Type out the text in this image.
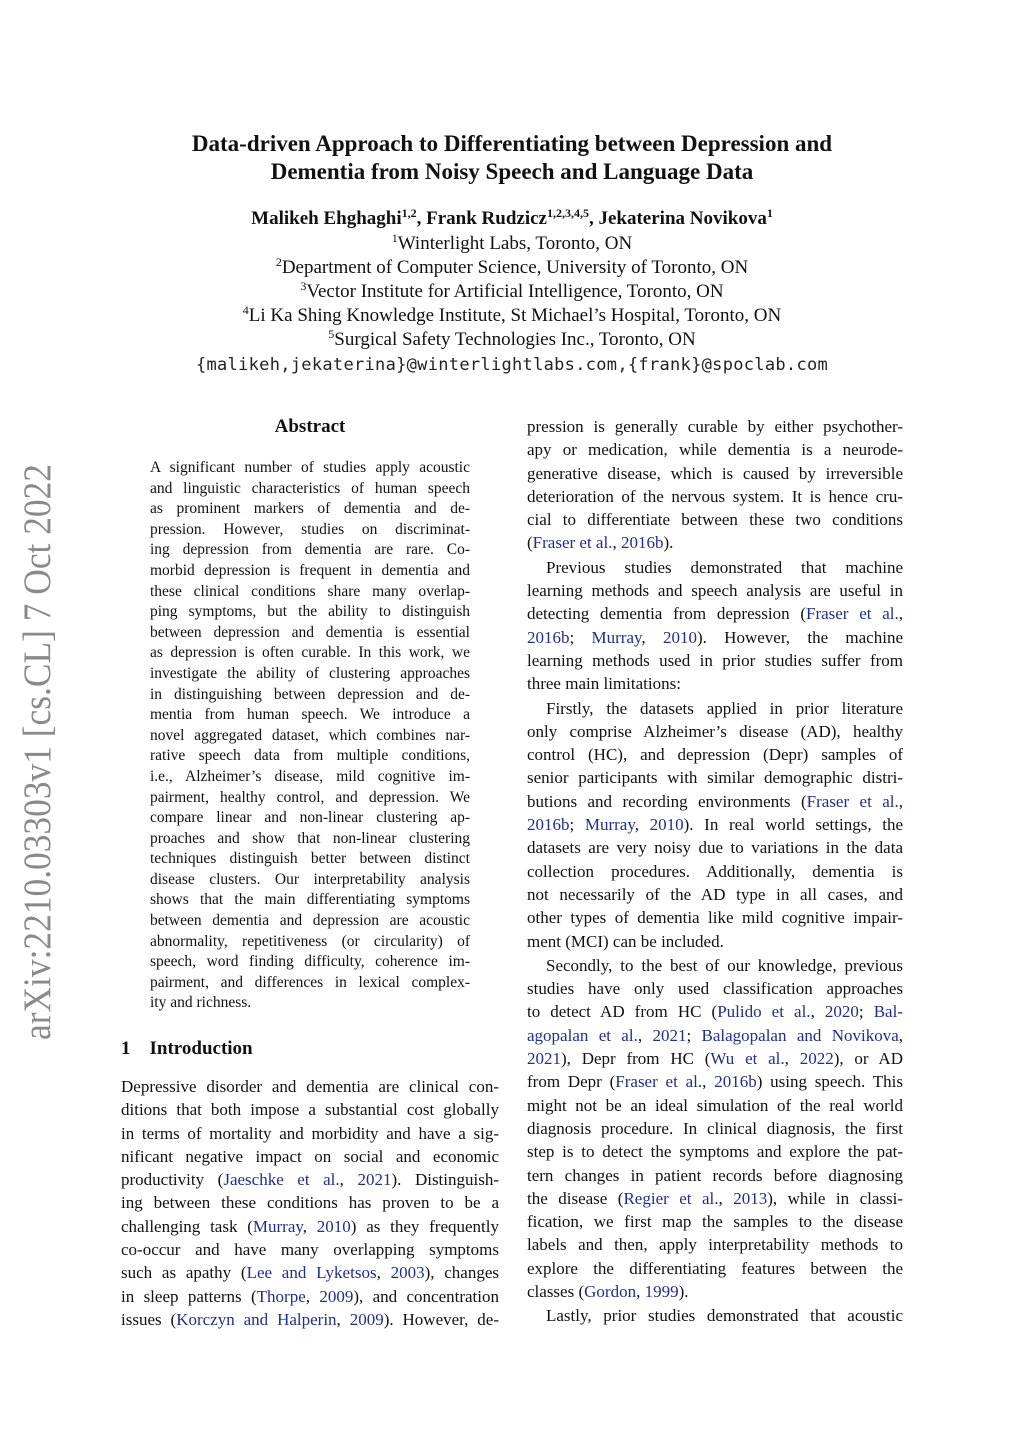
arXiv:2210.03303v1 [cs.CL] 7 Oct 2022
Data-driven Approach to Differentiating between Depression and
Dementia from Noisy Speech and Language Data
Malikeh Ehghaghi$^{1,2}$, Frank Rudzicz$^{1,2,3,4,5}$, Jekaterina Novikova$^1$
$^1$Winterlight Labs, Toronto, ON
$^2$Department of Computer Science, University of Toronto, ON
$^3$Vector Institute for Artificial Intelligence, Toronto, ON
$^4$Li Ka Shing Knowledge Institute, St Michael’s Hospital, Toronto, ON
$^5$Surgical Safety Technologies Inc., Toronto, ON
{malikeh,jekaterina}@winterlightlabs.com,{frank}@spoclab.com
Abstract
A significant number of studies apply acoustic
and linguistic characteristics of human speech
as prominent markers of dementia and de-
pression. However, studies on discriminat-
ing depression from dementia are rare. Co-
morbid depression is frequent in dementia and
these clinical conditions share many overlap-
ping symptoms, but the ability to distinguish
between depression and dementia is essential
as depression is often curable. In this work, we
investigate the ability of clustering approaches
in distinguishing between depression and de-
mentia from human speech. We introduce a
novel aggregated dataset, which combines nar-
rative speech data from multiple conditions,
i.e., Alzheimer’s disease, mild cognitive im-
pairment, healthy control, and depression. We
compare linear and non-linear clustering ap-
proaches and show that non-linear clustering
techniques distinguish better between distinct
disease clusters. Our interpretability analysis
shows that the main differentiating symptoms
between dementia and depression are acoustic
abnormality, repetitiveness (or circularity) of
speech, word finding difficulty, coherence im-
pairment, and differences in lexical complex-
ity and richness.
1 Introduction
Depressive disorder and dementia are clinical con-
ditions that both impose a substantial cost globally
in terms of mortality and morbidity and have a sig-
nificant negative impact on social and economic
productivity (Jaeschke et al., 2021). Distinguish-
ing between these conditions has proven to be a
challenging task (Murray, 2010) as they frequently
co-occur and have many overlapping symptoms
such as apathy (Lee and Lyketsos, 2003), changes
in sleep patterns (Thorpe, 2009), and concentration
issues (Korczyn and Halperin, 2009). However, de-
pression is generally curable by either psychother-
apy or medication, while dementia is a neurode-
generative disease, which is caused by irreversible
deterioration of the nervous system. It is hence cru-
cial to differentiate between these two conditions
(Fraser et al., 2016b).
Previous studies demonstrated that machine
learning methods and speech analysis are useful in
detecting dementia from depression (Fraser et al.,
2016b; Murray, 2010). However, the machine
learning methods used in prior studies suffer from
three main limitations:
Firstly, the datasets applied in prior literature
only comprise Alzheimer’s disease (AD), healthy
control (HC), and depression (Depr) samples of
senior participants with similar demographic distri-
butions and recording environments (Fraser et al.,
2016b; Murray, 2010). In real world settings, the
datasets are very noisy due to variations in the data
collection procedures. Additionally, dementia is
not necessarily of the AD type in all cases, and
other types of dementia like mild cognitive impair-
ment (MCI) can be included.
Secondly, to the best of our knowledge, previous
studies have only used classification approaches
to detect AD from HC (Pulido et al., 2020; Bal-
agopalan et al., 2021; Balagopalan and Novikova,
2021), Depr from HC (Wu et al., 2022), or AD
from Depr (Fraser et al., 2016b) using speech. This
might not be an ideal simulation of the real world
diagnosis procedure. In clinical diagnosis, the first
step is to detect the symptoms and explore the pat-
tern changes in patient records before diagnosing
the disease (Regier et al., 2013), while in classi-
fication, we first map the samples to the disease
labels and then, apply interpretability methods to
explore the differentiating features between the
classes (Gordon, 1999).
Lastly, prior studies demonstrated that acoustic
